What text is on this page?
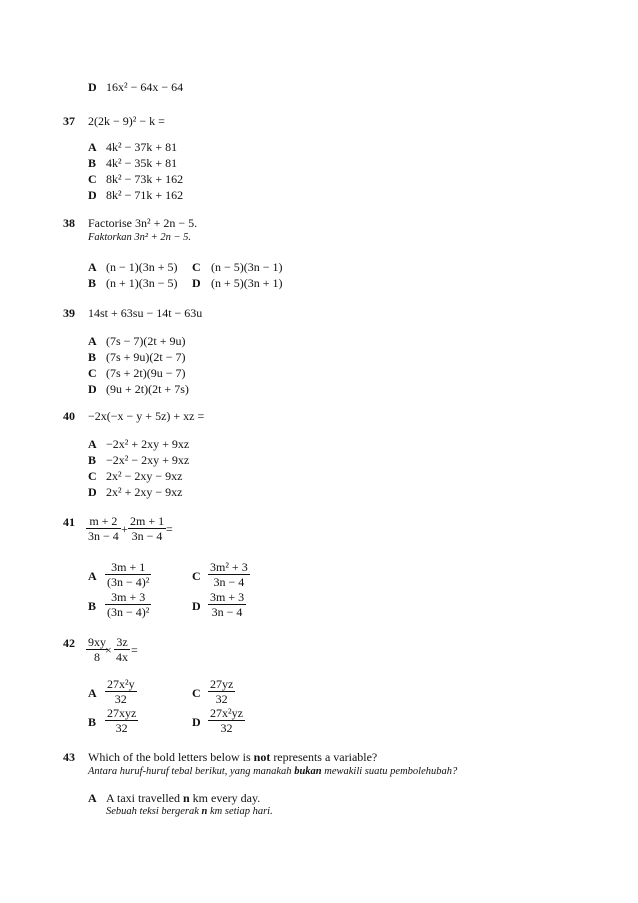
D 16x² − 64x − 64
37 2(2k − 9)² − k =
A 4k² − 37k + 81
B 4k² − 35k + 81
C 8k² − 73k + 162
D 8k² − 71k + 162
38 Factorise 3n² + 2n − 5.
Faktorkan 3n² + 2n − 5.
A (n − 1)(3n + 5)
B (n + 1)(3n − 5)
C (n − 5)(3n − 1)
D (n + 5)(3n + 1)
39 14st + 63su − 14t − 63u
A (7s − 7)(2t + 9u)
B (7s + 9u)(2t − 7)
C (7s + 2t)(9u − 7)
D (9u + 2t)(2t + 7s)
40 −2x(−x − y + 5z) + xz =
A −2x² + 2xy + 9xz
B −2x² − 2xy + 9xz
C 2x² − 2xy − 9xz
D 2x² + 2xy − 9xz
$41 \frac{m + 2}{3n - 4} + \frac{2m + 1}{3n - 4}$ =
A $\frac{3m + 1}{\text{(3n − 4)²}}$
B $\frac{3m + 3}{\text{(3n − 4)²}}$
C $\frac{\text{3m² + 3}}{3n - 4}$
D $\frac{3m + 3}{3n - 4}$
$42 \frac{9xy}{8}$
× $\frac{3z}{4x}$ =
A $\frac{\text{27x²y}}{32}$
B
27xyz
32
C $\frac{27yz}{32}$
D $\frac{\text{27x²yz}}{32}$
43 Which of the bold letters below is not represents a variable?
Antara huruf-huruf tebal berikut, yang manakah bukan mewakili suatu pembolehubah?
A A taxi travelled n km every day.
Sebuah teksi bergerak n km setiap hari.
